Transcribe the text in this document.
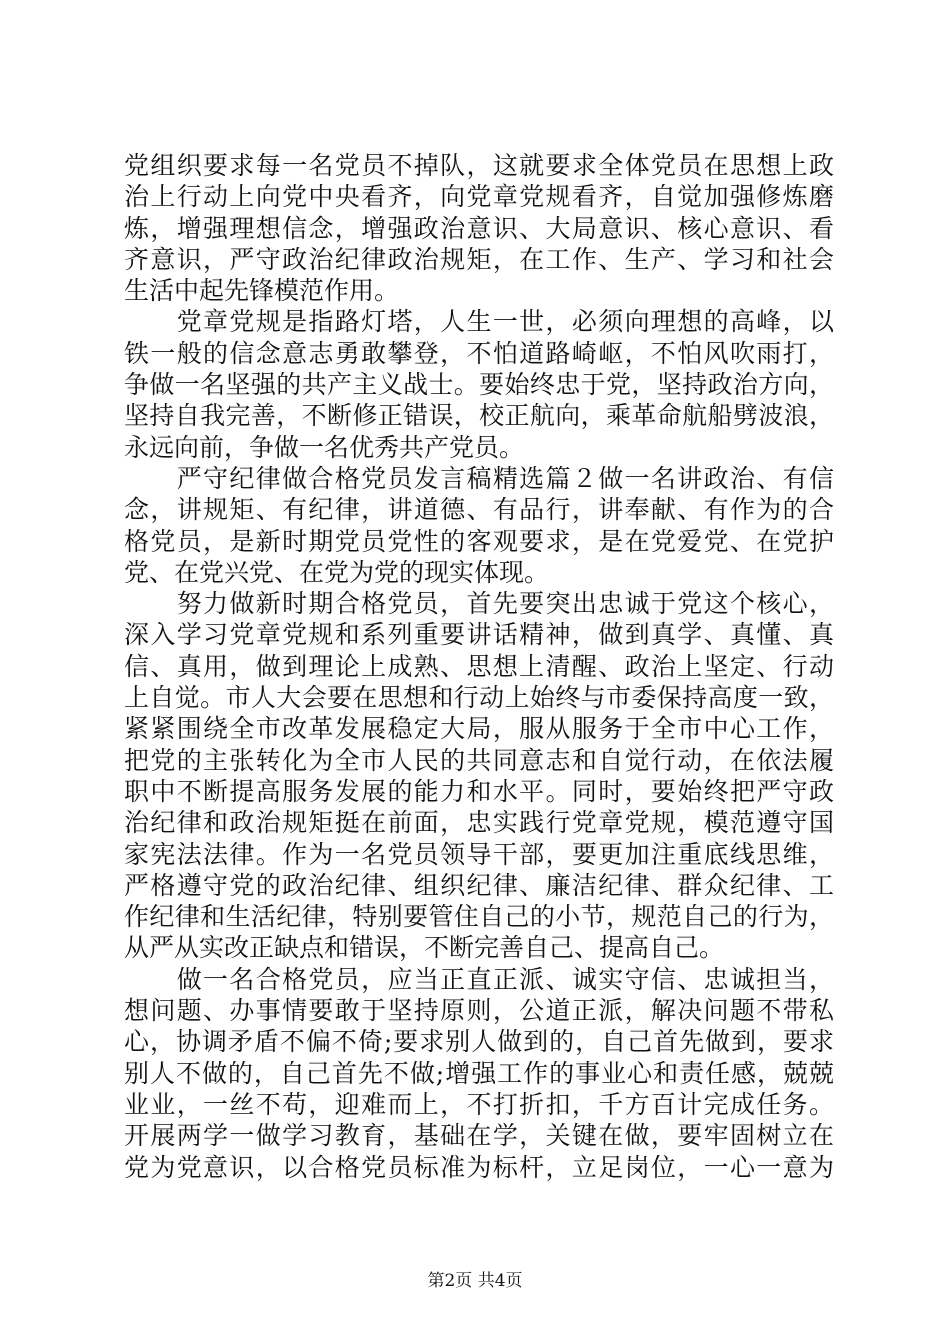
党组织要求每一名党员不掉队，这就要求全体党员在思想上政
治上行动上向党中央看齐，向党章党规看齐，自觉加强修炼磨
炼，增强理想信念，增强政治意识、大局意识、核心意识、看
齐意识，严守政治纪律政治规矩，在工作、生产、学习和社会
生活中起先锋模范作用。
　　党章党规是指路灯塔，人生一世，必须向理想的高峰，以
铁一般的信念意志勇敢攀登，不怕道路崎岖，不怕风吹雨打，
争做一名坚强的共产主义战士。要始终忠于党，坚持政治方向，
坚持自我完善，不断修正错误，校正航向，乘革命航船劈波浪，
永远向前，争做一名优秀共产党员。
　　严守纪律做合格党员发言稿精选篇２做一名讲政治、有信
念，讲规矩、有纪律，讲道德、有品行，讲奉献、有作为的合
格党员，是新时期党员党性的客观要求，是在党爱党、在党护
党、在党兴党、在党为党的现实体现。
　　努力做新时期合格党员，首先要突出忠诚于党这个核心，
深入学习党章党规和系列重要讲话精神，做到真学、真懂、真
信、真用，做到理论上成熟、思想上清醒、政治上坚定、行动
上自觉。市人大会要在思想和行动上始终与市委保持高度一致，
紧紧围绕全市改革发展稳定大局，服从服务于全市中心工作，
把党的主张转化为全市人民的共同意志和自觉行动，在依法履
职中不断提高服务发展的能力和水平。同时，要始终把严守政
治纪律和政治规矩挺在前面，忠实践行党章党规，模范遵守国
家宪法法律。作为一名党员领导干部，要更加注重底线思维，
严格遵守党的政治纪律、组织纪律、廉洁纪律、群众纪律、工
作纪律和生活纪律，特别要管住自己的小节，规范自己的行为，
从严从实改正缺点和错误，不断完善自己、提高自己。
　　做一名合格党员，应当正直正派、诚实守信、忠诚担当，
想问题、办事情要敢于坚持原则，公道正派，解决问题不带私
心，协调矛盾不偏不倚;要求别人做到的，自己首先做到，要求
别人不做的，自己首先不做;增强工作的事业心和责任感，兢兢
业业，一丝不苟，迎难而上，不打折扣，千方百计完成任务。
开展两学一做学习教育，基础在学，关键在做，要牢固树立在
党为党意识，以合格党员标准为标杆，立足岗位，一心一意为
第2页 共4页
